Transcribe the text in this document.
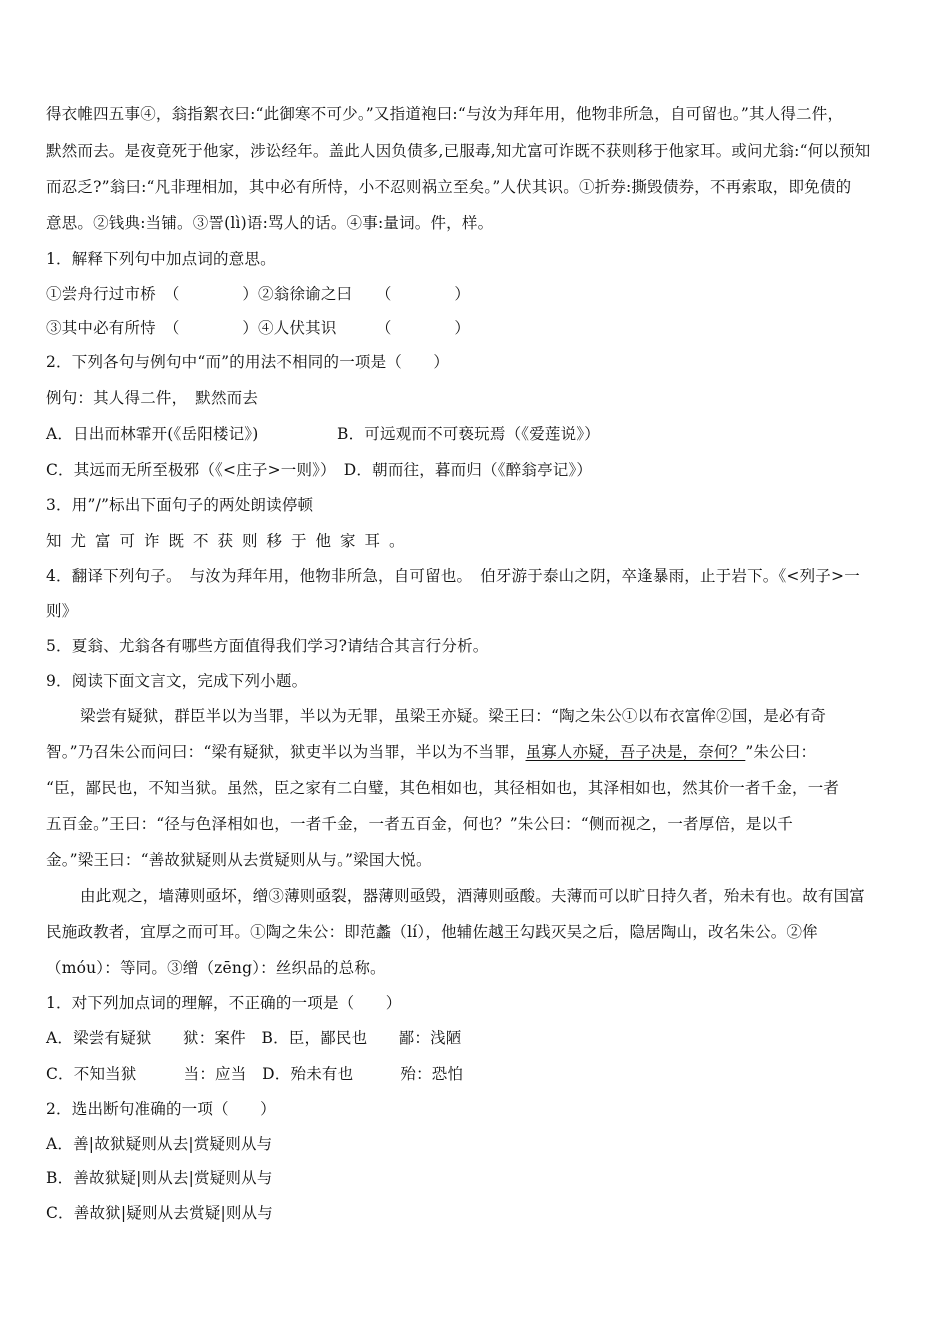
得衣帷四五事④，翁指絮衣曰:“此御寒不可少。”又指道袍曰:“与汝为拜年用，他物非所急，自可留也。”其人得二件，
默然而去。是夜竟死于他家，涉讼经年。盖此人因负债多,已服毒,知尤富可诈既不获则移于他家耳。或问尤翁:“何以预知
而忍乏?”翁曰:“凡非理相加，其中必有所恃，小不忍则祸立至矣。”人伏其识。①折券:撕毁债券，不再索取，即免债的
意思。②钱典:当铺。③詈(lì)语:骂人的话。④事:量词。件，样。
1．解释下列句中加点词的意思。
①尝舟行过市桥　（　　　　）②翁徐谕之曰　　（　　　　）
③其中必有所恃　（　　　　）④人伏其识　　　（　　　　）
2．下列各句与例句中“而”的用法不相同的一项是（　　）
例句：其人得二件，　默然而去
A．日出而林霏开(《岳阳楼记》)　　　　　B．可远观而不可亵玩焉（《爱莲说》）
C．其远而无所至极邪（《<庄子>一则》）　D．朝而往，暮而归（《醉翁亭记》）
3．用”/”标出下面句子的两处朗读停顿
知尤富可诈既不获则移于他家耳。
4．翻译下列句子。　与汝为拜年用，他物非所急，自可留也。　伯牙游于泰山之阴，卒逢暴雨，止于岩下。《<列子>一
则》
5．夏翁、尤翁各有哪些方面值得我们学习?请结合其言行分析。
9．阅读下面文言文，完成下列小题。
梁尝有疑狱，群臣半以为当罪，半以为无罪，虽梁王亦疑。梁王曰：“陶之朱公①以布衣富侔②国，是必有奇
智。”乃召朱公而问曰：“梁有疑狱，狱吏半以为当罪，半以为不当罪，虽寡人亦疑，吾子决是，奈何？”朱公曰：
“臣，鄙民也，不知当狱。虽然，臣之家有二白璧，其色相如也，其径相如也，其泽相如也，然其价一者千金，一者
五百金。”王曰：“径与色泽相如也，一者千金，一者五百金，何也？”朱公曰：“侧而视之，一者厚倍，是以千
金。”梁王曰：“善故狱疑则从去赏疑则从与。”梁国大悦。
由此观之，墙薄则亟坏，缯③薄则亟裂，器薄则亟毁，酒薄则亟酸。夫薄而可以旷日持久者，殆未有也。故有国富
民施政教者，宜厚之而可耳。①陶之朱公：即范蠡（lí），他辅佐越王勾践灭吴之后，隐居陶山，改名朱公。②侔
（móu）：等同。③缯（zēng）：丝织品的总称。
1．对下列加点词的理解，不正确的一项是（　　）
A．梁尝有疑狱　　狱：案件　B．臣，鄙民也　　鄙：浅陋
C．不知当狱　　　当：应当　D．殆未有也　　　殆：恐怕
2．选出断句准确的一项（　　）
A．善|故狱疑则从去|赏疑则从与
B．善故狱疑|则从去|赏疑则从与
C．善故狱|疑则从去赏疑|则从与
